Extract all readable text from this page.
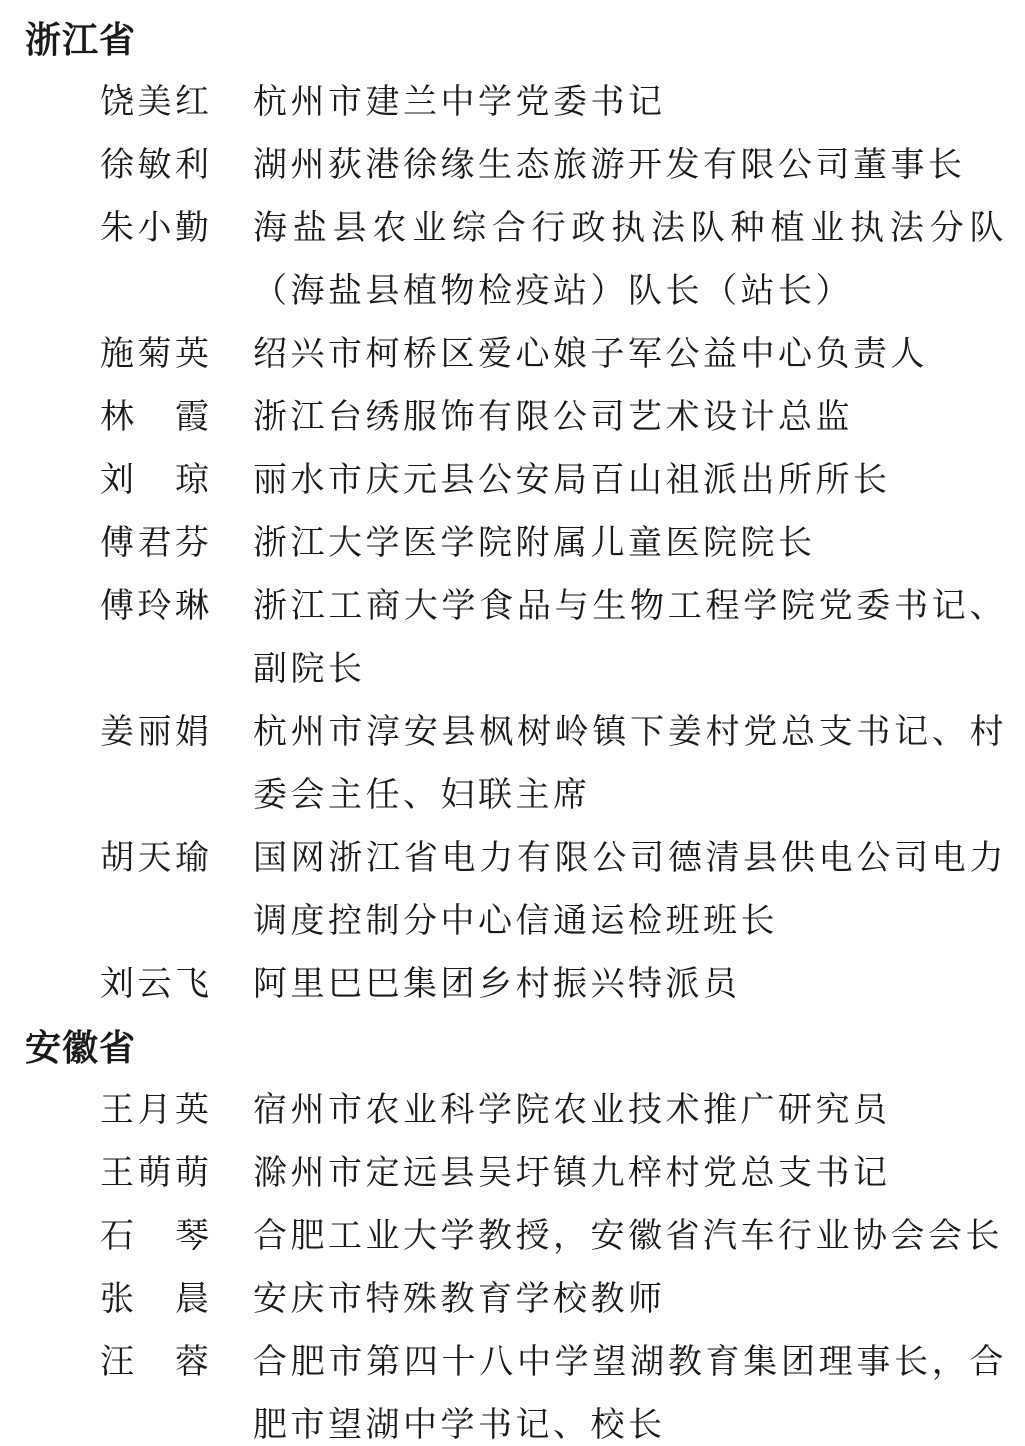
浙江省
饶美红 杭州市建兰中学党委书记
徐敏利 湖州荻港徐缘生态旅游开发有限公司董事长
朱小勤 海盐县农业综合行政执法队种植业执法分队（海盐县植物检疫站）队长（站长）
施菊英 绍兴市柯桥区爱心娘子军公益中心负责人
林　霞 浙江台绣服饰有限公司艺术设计总监
刘　琼 丽水市庆元县公安局百山祖派出所所长
傅君芬 浙江大学医学院附属儿童医院院长
傅玲琳 浙江工商大学食品与生物工程学院党委书记、副院长
姜丽娟 杭州市淳安县枫树岭镇下姜村党总支书记、村委会主任、妇联主席
胡天瑜 国网浙江省电力有限公司德清县供电公司电力调度控制分中心信通运检班班长
刘云飞 阿里巴巴集团乡村振兴特派员
安徽省
王月英 宿州市农业科学院农业技术推广研究员
王萌萌 滁州市定远县吴圩镇九梓村党总支书记
石　琴 合肥工业大学教授，安徽省汽车行业协会会长
张　晨 安庆市特殊教育学校教师
汪　蓉 合肥市第四十八中学望湖教育集团理事长，合肥市望湖中学书记、校长
